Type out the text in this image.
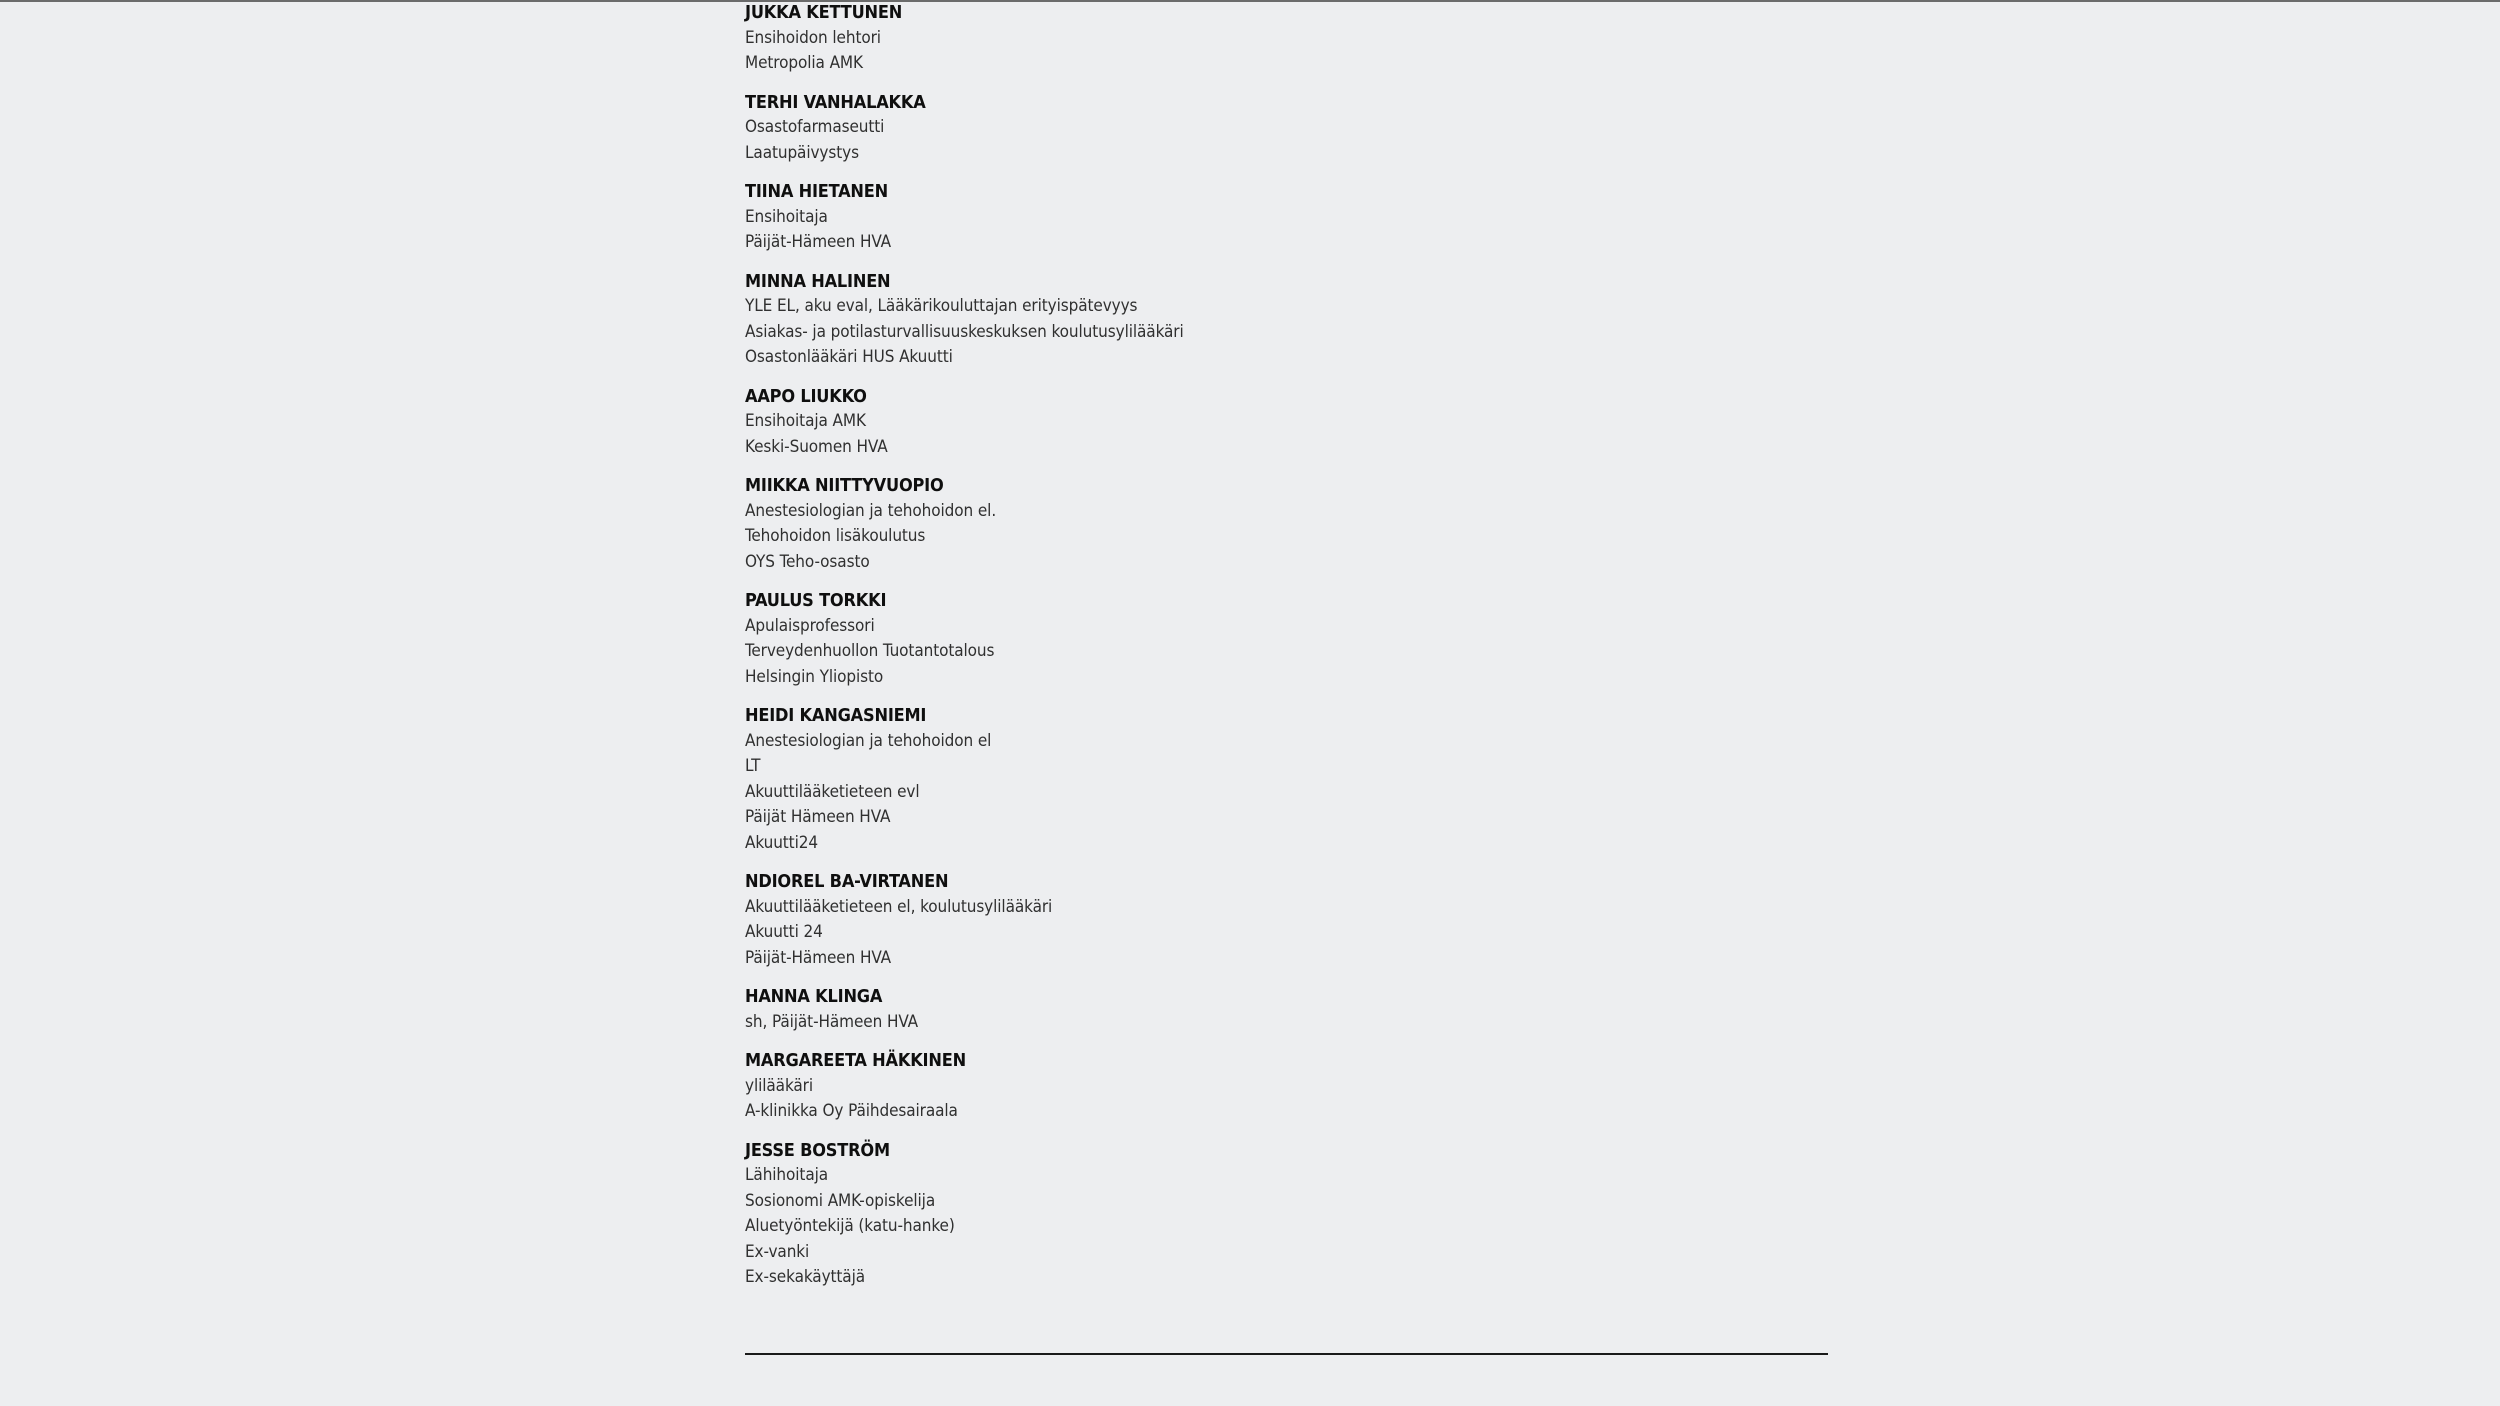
JUKKA KETTUNEN
Ensihoidon lehtori
Metropolia AMK
TERHI VANHALAKKA
Osastofarmaseutti
Laatupäivystys
TIINA HIETANEN
Ensihoitaja
Päijät-Hämeen HVA
MINNA HALINEN
YLE EL, aku eval, Lääkärikouluttajan erityispätevyys
Asiakas- ja potilasturvallisuuskeskuksen koulutusylilääkäri
Osastonlääkäri HUS Akuutti
AAPO LIUKKO
Ensihoitaja AMK
Keski-Suomen HVA
MIIKKA NIITTYVUOPIO
Anestesiologian ja tehohoidon el.
Tehohoidon lisäkoulutus
OYS Teho-osasto
PAULUS TORKKI
Apulaisprofessori
Terveydenhuollon Tuotantotalous
Helsingin Yliopisto
HEIDI KANGASNIEMI
Anestesiologian ja tehohoidon el
LT
Akuuttilääketieteen evl
Päijät Hämeen HVA
Akuutti24
NDIOREL BA-VIRTANEN
Akuuttilääketieteen el, koulutusylilääkäri
Akuutti 24
Päijät-Hämeen HVA
HANNA KLINGA
sh, Päijät-Hämeen HVA
MARGAREETA HÄKKINEN
ylilääkäri
A-klinikka Oy Päihdesairaala
JESSE BOSTRÖM
Lähihoitaja
Sosionomi AMK-opiskelija
Aluetyöntekijä (katu-hanke)
Ex-vanki
Ex-sekakäyttäjä
